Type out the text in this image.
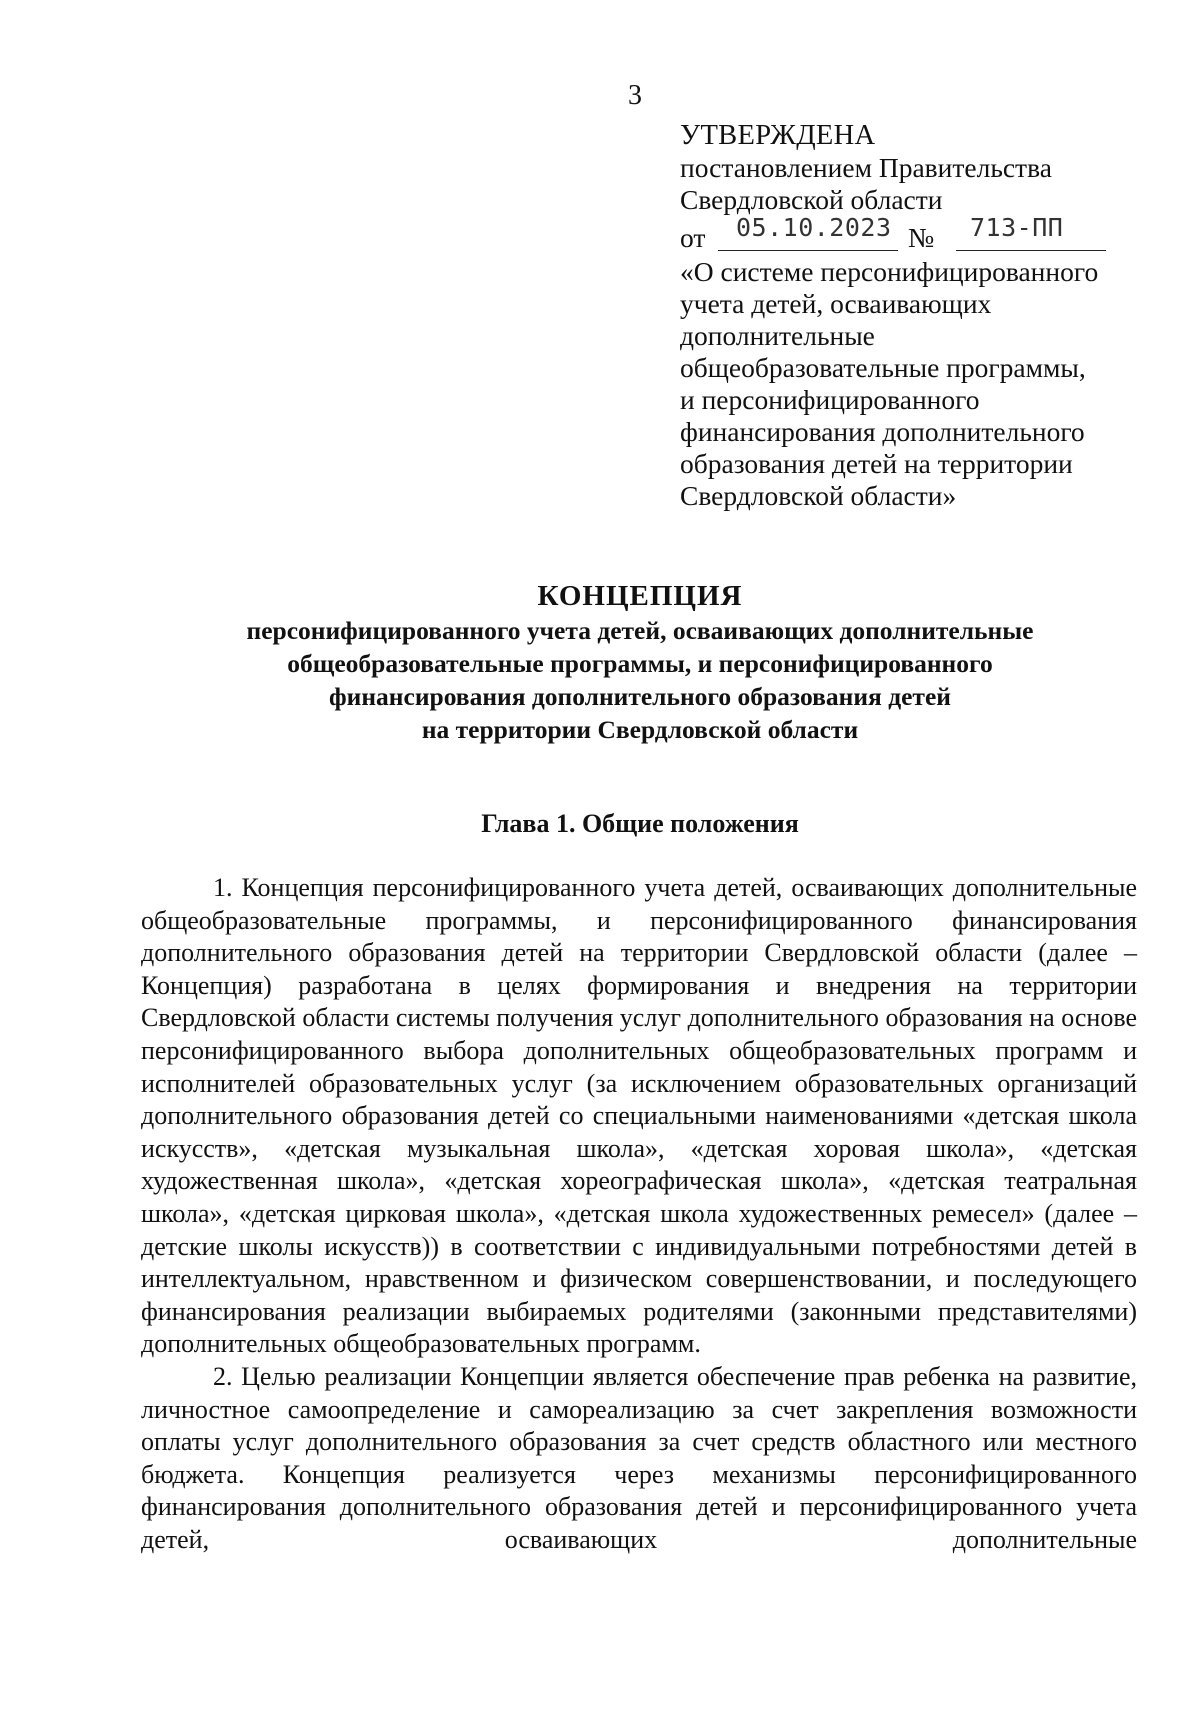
3
УТВЕРЖДЕНА
постановлением Правительства
Свердловской области
от 05.10.2023 № 713-ПП
«О системе персонифицированного
учета детей, осваивающих
дополнительные
общеобразовательные программы,
и персонифицированного
финансирования дополнительного
образования детей на территории
Свердловской области»
КОНЦЕПЦИЯ
персонифицированного учета детей, осваивающих дополнительные
общеобразовательные программы, и персонифицированного
финансирования дополнительного образования детей
на территории Свердловской области
Глава 1. Общие положения

1. Концепция персонифицированного учета детей, осваивающих дополнительные общеобразовательные программы, и персонифицированного финансирования дополнительного образования детей на территории Свердловской области (далее – Концепция) разработана в целях формирования и внедрения на территории Свердловской области системы получения услуг дополнительного образования на основе персонифицированного выбора дополнительных общеобразовательных программ и исполнителей образовательных услуг (за исключением образовательных организаций дополнительного образования детей со специальными наименованиями «детская школа искусств», «детская музыкальная школа», «детская хоровая школа», «детская художественная школа», «детская хореографическая школа», «детская театральная школа», «детская цирковая школа», «детская школа художественных ремесел» (далее – детские школы искусств)) в соответствии с индивидуальными потребностями детей в интеллектуальном, нравственном и физическом совершенствовании, и последующего финансирования реализации выбираемых родителями (законными представителями) дополнительных общеобразовательных программ.

2. Целью реализации Концепции является обеспечение прав ребенка на развитие, личностное самоопределение и самореализацию за счет закрепления возможности оплаты услуг дополнительного образования за счет средств областного или местного бюджета. Концепция реализуется через механизмы персонифицированного финансирования дополнительного образования детей и персонифицированного учета детей, осваивающих дополнительные
